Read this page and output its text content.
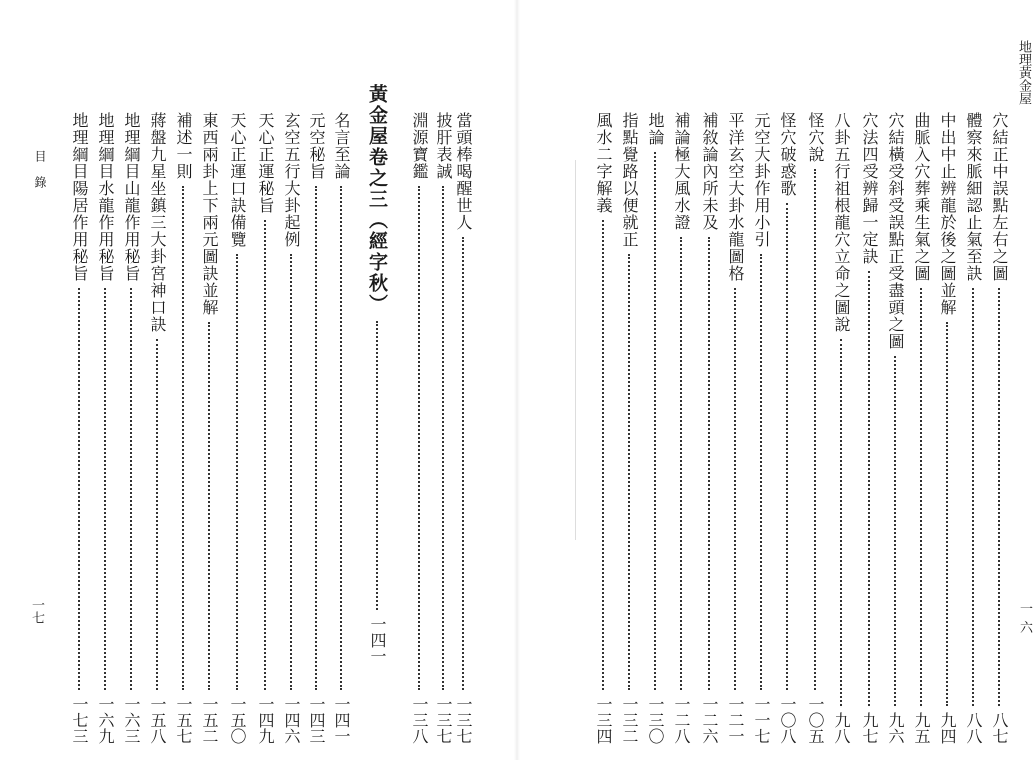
目錄
一七
黃金屋卷之三（經字秋）
一四一
當頭棒喝醒世人
一三七
披肝表誠
一三七
淵源寶鑑
一三八
名言至論
一四一
元空秘旨
一四三
玄空五行大卦起例
一四六
天心正運秘旨
一四九
天心正運口訣備覽
一五〇
東西兩卦上下兩元圖訣並解
一五二
補述一則
一五七
蔣盤九星坐鎮三大卦宮神口訣
一五八
地理綱目山龍作用秘旨
一六三
地理綱目水龍作用秘旨
一六九
地理綱目陽居作用秘旨
一七三
穴結正中誤點左右之圖
八七
體察來脈細認止氣至訣
八八
中出中止辨龍於後之圖並解
九四
曲脈入穴葬乘生氣之圖
九五
穴結橫受斜受誤點正受盡頭之圖
九六
穴法四受辨歸一定訣
九七
八卦五行祖根龍穴立命之圖說
九八
怪穴說
一〇五
怪穴破惑歌
一〇八
元空大卦作用小引
一一七
平洋玄空大卦水龍圖格
一二一
補敘論內所未及
一二六
補論極大風水證
一二八
地論
一三〇
指點覺路以便就正
一三二
風水二字解義
一三四
地理黃金屋
一六
